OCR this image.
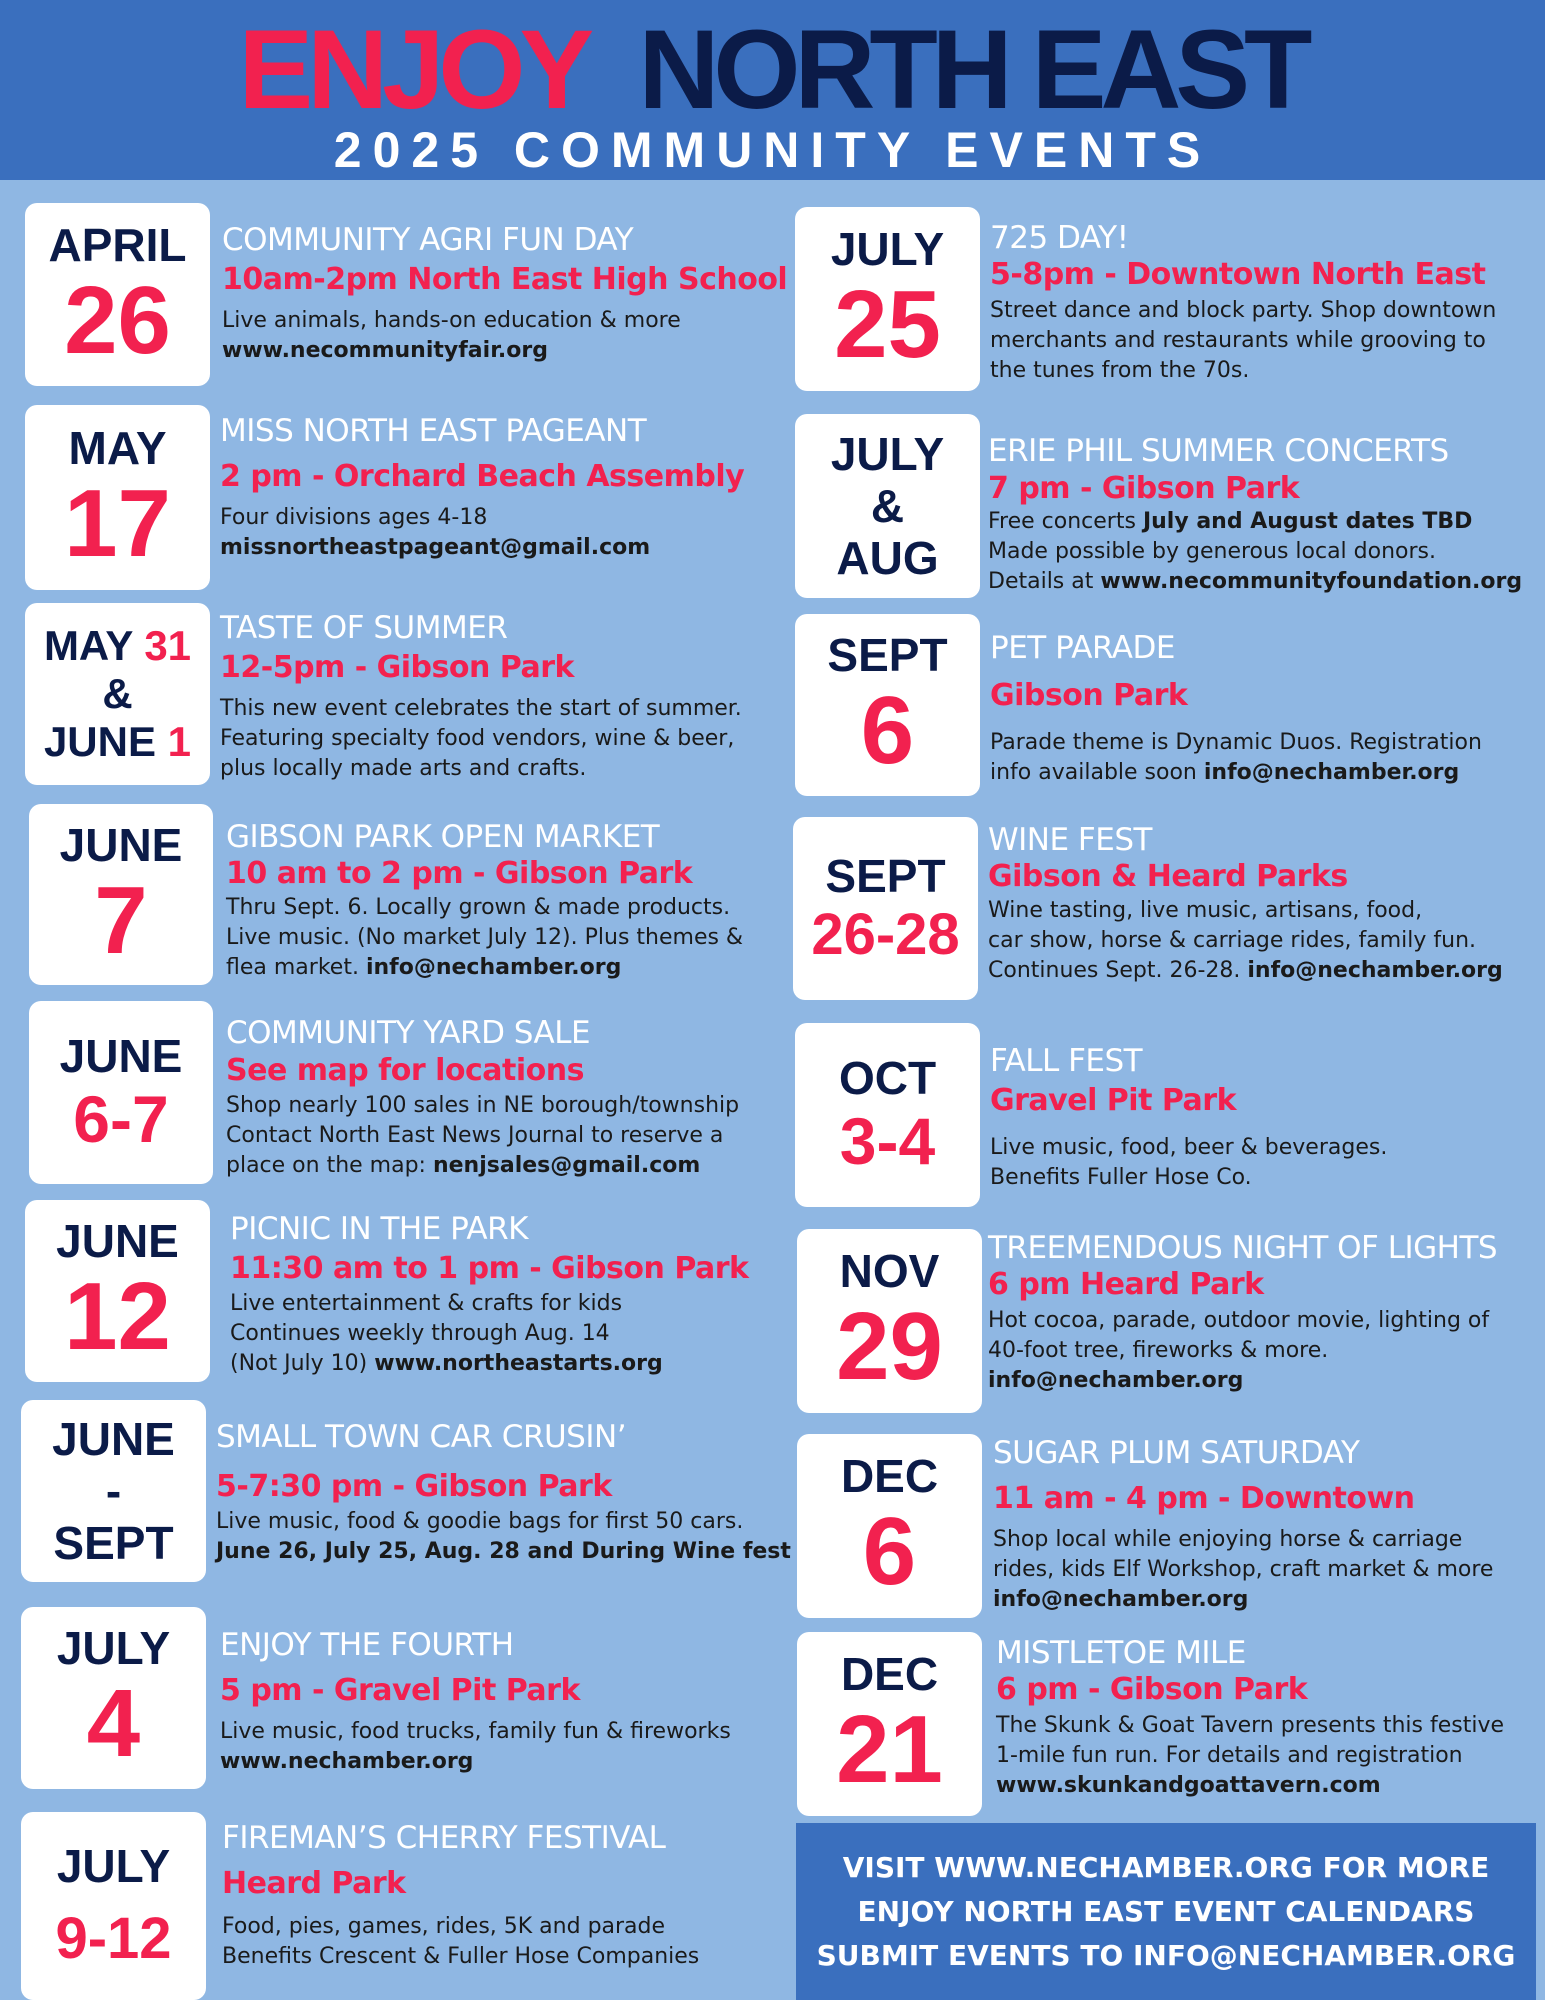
ENJOY NORTH EAST
2025 COMMUNITY EVENTS
APRIL
26
COMMUNITY AGRI FUN DAY
10am-2pm North East High School
Live animals, hands-on education & more
www.necommunityfair.org
MAY
17
MISS NORTH EAST PAGEANT
2 pm - Orchard Beach Assembly
Four divisions ages 4-18
missnortheastpageant@gmail.com
MAY 31
&
JUNE 1
TASTE OF SUMMER
12-5pm - Gibson Park
This new event celebrates the start of summer.
Featuring specialty food vendors, wine & beer,
plus locally made arts and crafts.
JUNE
7
GIBSON PARK OPEN MARKET
10 am to 2 pm - Gibson Park
Thru Sept. 6. Locally grown & made products.
Live music. (No market July 12). Plus themes &
flea market. info@nechamber.org
JUNE
6-7
COMMUNITY YARD SALE
See map for locations
Shop nearly 100 sales in NE borough/township
Contact North East News Journal to reserve a
place on the map: nenjsales@gmail.com
JUNE
12
PICNIC IN THE PARK
11:30 am to 1 pm - Gibson Park
Live entertainment & crafts for kids
Continues weekly through Aug. 14
(Not July 10) www.northeastarts.org
JUNE
-
SEPT
SMALL TOWN CAR CRUSIN’
5-7:30 pm - Gibson Park
Live music, food & goodie bags for first 50 cars.
June 26, July 25, Aug. 28 and During Wine fest
JULY
4
ENJOY THE FOURTH
5 pm - Gravel Pit Park
Live music, food trucks, family fun & fireworks
www.nechamber.org
JULY
9-12
FIREMAN’S CHERRY FESTIVAL
Heard Park
Food, pies, games, rides, 5K and parade
Benefits Crescent & Fuller Hose Companies
JULY
25
725 DAY!
5-8pm - Downtown North East
Street dance and block party. Shop downtown
merchants and restaurants while grooving to
the tunes from the 70s.
JULY
&
AUG
ERIE PHIL SUMMER CONCERTS
7 pm - Gibson Park
Free concerts July and August dates TBD
Made possible by generous local donors.
Details at www.necommunityfoundation.org
SEPT
6
PET PARADE
Gibson Park
Parade theme is Dynamic Duos. Registration
info available soon info@nechamber.org
SEPT
26-28
WINE FEST
Gibson & Heard Parks
Wine tasting, live music, artisans, food,
car show, horse & carriage rides, family fun.
Continues Sept. 26-28. info@nechamber.org
OCT
3-4
FALL FEST
Gravel Pit Park
Live music, food, beer & beverages.
Benefits Fuller Hose Co.
NOV
29
TREEMENDOUS NIGHT OF LIGHTS
6 pm Heard Park
Hot cocoa, parade, outdoor movie, lighting of
40-foot tree, fireworks & more.
info@nechamber.org
DEC
6
SUGAR PLUM SATURDAY
11 am - 4 pm - Downtown
Shop local while enjoying horse & carriage
rides, kids Elf Workshop, craft market & more
info@nechamber.org
DEC
21
MISTLETOE MILE
6 pm - Gibson Park
The Skunk & Goat Tavern presents this festive
1-mile fun run. For details and registration
www.skunkandgoattavern.com
VISIT WWW.NECHAMBER.ORG FOR MORE
ENJOY NORTH EAST EVENT CALENDARS
SUBMIT EVENTS TO INFO@NECHAMBER.ORG
